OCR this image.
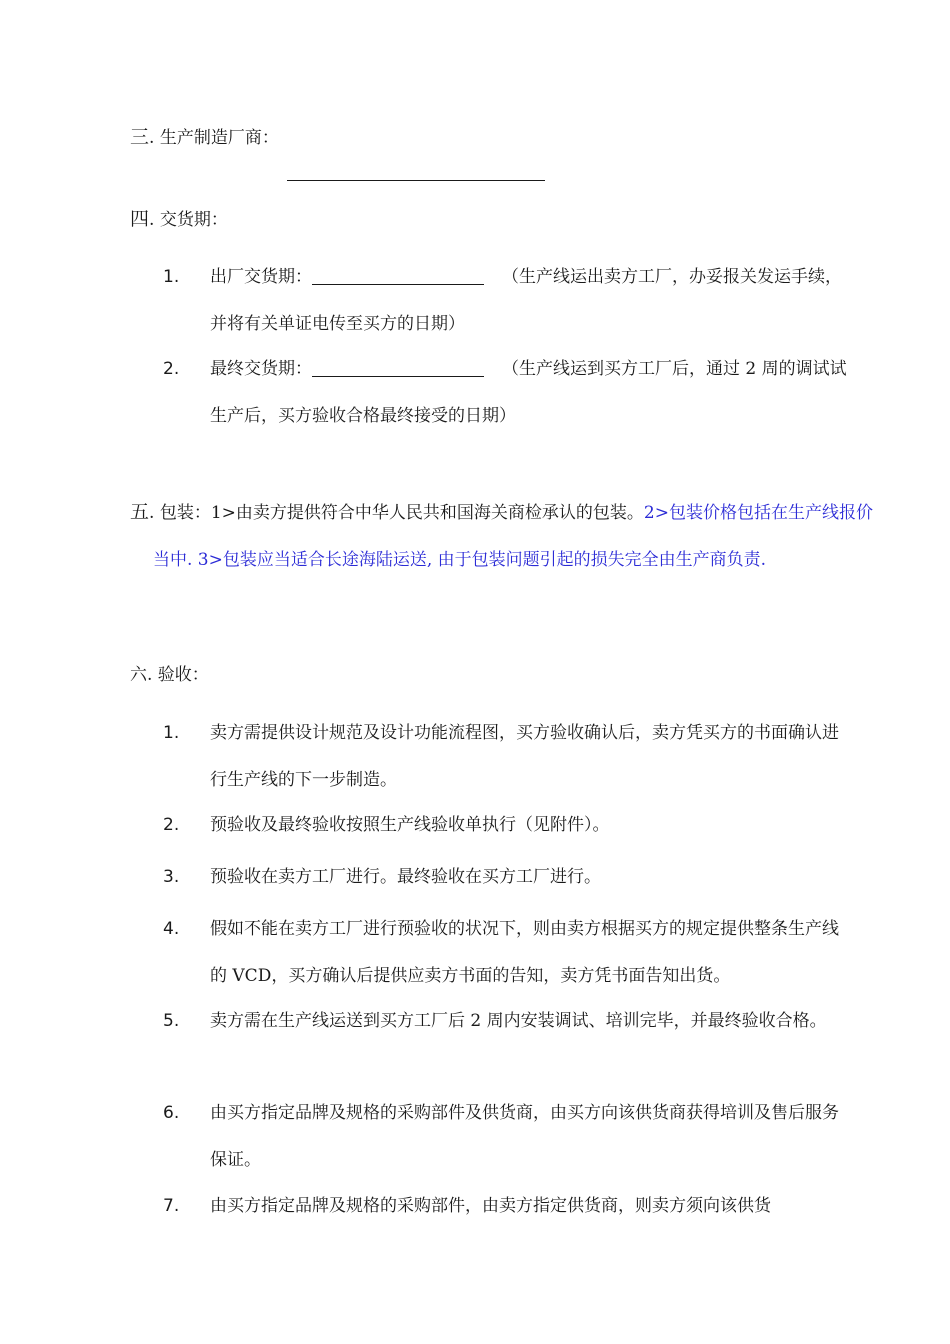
三. 生产制造厂商：
四. 交货期：
1.	出厂交货期：	（生产线运出卖方工厂，办妥报关发运手续，并将有关单证电传至买方的日期）
2.	最终交货期：	（生产线运到买方工厂后，通过 2 周的调试试生产后，买方验收合格最终接受的日期）
五. 包装：1>由卖方提供符合中华人民共和国海关商检承认的包装。2>包装价格包括在生产线报价当中. 3>包装应当适合长途海陆运送, 由于包装问题引起的损失完全由生产商负责.
六. 验收：
1.	卖方需提供设计规范及设计功能流程图，买方验收确认后，卖方凭买方的书面确认进行生产线的下一步制造。
2.	预验收及最终验收按照生产线验收单执行（见附件）。
3.	预验收在卖方工厂进行。最终验收在买方工厂进行。
4.	假如不能在卖方工厂进行预验收的状况下，则由卖方根据买方的规定提供整条生产线的 VCD，买方确认后提供应卖方书面的告知，卖方凭书面告知出货。
5.	卖方需在生产线运送到买方工厂后 2 周内安装调试、培训完毕，并最终验收合格。
6.	由买方指定品牌及规格的采购部件及供货商，由买方向该供货商获得培训及售后服务保证。
7.	由买方指定品牌及规格的采购部件，由卖方指定供货商，则卖方须向该供货
